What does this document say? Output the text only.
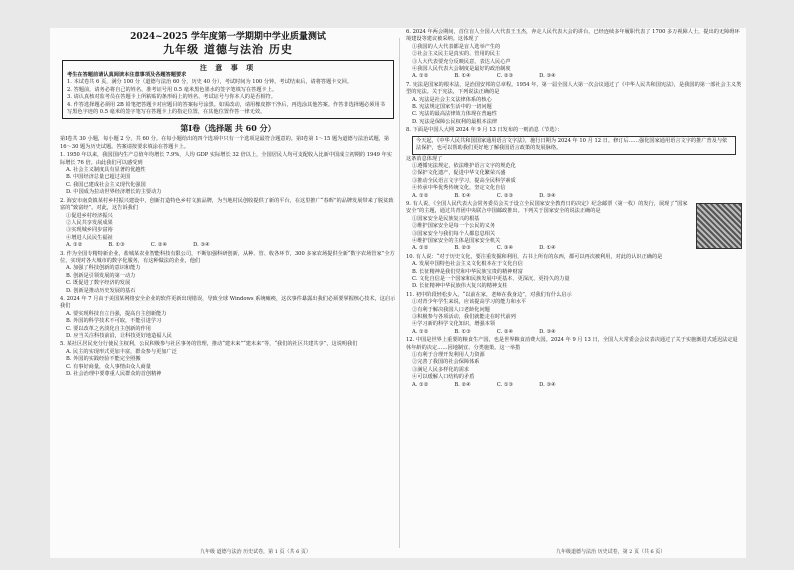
2024~2025 学年度第一学期期中学业质量测试
九年级 道德与法治 历史
注 意 事 项

考生在答题前请认真阅读本注意事项及各题答题要求

1. 本试卷共 6 页，满分 100 分（道德与法治 60 分，历史 40 分），考试时间为 100 分钟。考试结束后，请将答题卡交回。

2. 答题前，请务必将自己的姓名、准考证号用 0.5 毫米黑色墨水的签字笔填写在答题卡上。

3. 请认真核对监考员在答题卡上所粘贴的条形码上的姓名、考试证号与你本人的是否相符。

4. 作答选择题必须用 2B 铅笔把答题卡对应题目的答案标号涂黑。如需改动，请用橡皮擦干净后，再选涂其他答案。作答非选择题必须用书写黑色字迹的 0.5 毫米的签字笔写在答题卡上的指定位置，在其他位置作答一律无效。

第Ⅰ卷（选择题 共 60 分）

第Ⅰ卷共 30 小题，每小题 2 分，共 60 分。在每小题给出的四个选项中只有一个选项是最符合题意的。第Ⅰ卷第 1～15 题为道德与法治试题，第 16～30 题为历史试题。答案请按要求填涂在答题卡上。

1. 1950 年以来，我国国内生产总值年均增长 7.9%，人均 GDP 实际增长 32 倍以上，全国居民人均可支配收入比新中国成立初期的 1949 年实际增长 76 倍。由此我们可以感受到

A. 社会主义制度具有显著的优越性

B. 中国经济总量已超过美国

C. 我国已建成社会主义现代化强国

D. 中国成为拉动世界经济增长的主要动力

2. 海安市南莫镇某村乡村振兴建设中，创新打造特色乡村文旅品牌，为当地村民创收提供了新的平台，在这里推广“春晖”的品牌发展带来了脱贫致富的“致富经”。对此，这告诉我们

①促进乡村经济振兴

②人民共享发展成果

③实现城乡同步富裕

④增进人民民生福祉

A. ①②	B. ①③	C. ②④	D. ③④

3. 作为全国专精特新企业，盐城某农业智能科技有限公司，不断加强科研创新，从种、管、收各环节，300 多家农场提供全新“数字农场管家”全方位，实现对各大城市的数字化服务，有这种做法的企业，他们

A. 加强了科技创新的意识和能力

B. 创新是引领发展的第一动力

C. 既促进了数字经济的发展

D. 创新是推动历史发展的基石

4. 2024 年 7 月由于美国某网络安全企业的软件更新出现错误，导致全球 Windows 系统瘫痪，这次事件暴露出我们必须要掌握核心技术，这启示我们

A. 要实现科技自立自强，提高自主创新能力

B. 外国的科学技术不可取，不能引进学习

C. 要以改革之名淡化自主创新的作用

D. 应当关注科技前沿，让科技更好地造福人民

5. 某社区居民充分行使民主权利，公民积极参与社区事务的管理，推动“建未来”“建未来”等，“我们的社区共建共享”，这说明我们

A. 民主的实现形式更加丰富，群众参与更加广泛

B. 外国的实践经验不能完全照搬

C. 有事好商量，众人事情由众人商量

D. 社会治理中要尊重人民群众的首创精神

九年级 道德与法治 历史试卷，第 1 页（共 6 页）

6. 2024 年两会期间，首位盲人全国人大代表王玉杰，奔走人民代表大会的讲台，已经连续多年履职代表了 1700 多万视障人士，提出的无障碍环境建设等建议被采纳。这体现了

①我国的人大代表都是盲人选举产生的

②社会主义民主是真实的、管用的民主

③人大代表要充分反映民意，表达人民心声

④我国人民代表大会制度是最好的政治制度

A. ①②	B. ①④	C. ②③	D. ③④

7. 宪法是国家的根本法，是治国安邦的总章程。1954 年，第一届全国人大第一次会议通过了《中华人民共和国宪法》，是我国的第一部社会主义类型的宪法。关于宪法，下列说法正确的是

A. 宪法是社会主义法律体系的核心

B. 宪法规定国家生活中的一切问题

C. 宪法的最高法律效力体现在普遍性

D. 宪法是保障公民权利的最根本法律

8. 下面是中国人大网 2024 年 9 月 13 日发布的一则消息（节选）：

今天起，《中华人民共和国国家通用语言文字法》，施行日期为 2024 年 10 月 12 日。修订后……强化国家通用语言文字的推广普及与依法保护，也可以帮助我们更好地了解我国语言政策的发展脉络。

这条消息体现了

①遵循宪法规定，依法维护语言文字的规范化

②保护文化遗产，促进中华文化繁荣兴盛

③推动全民语言文字学习，提高全民科学素质

④传承中华优秀传统文化，坚定文化自信

A. ①②	B. ①④	C. ②③	D. ③④

9. 有人说，《全国人民代表大会常务委员会关于设立全民国家安全教育日的决定》纪念邮票（第一枚）的发行，展现了“国家安全”的主题，通过共青团中央联合中国邮政推出。下列关于国家安全的说法正确的是

①国家安全是民族复兴的根基

②维护国家安全是每一个公民的义务

③国家安全与我们每个人都息息相关

④维护国家安全的主体是国家安全机关

A. ①②	B. ②③	C. ③④	D. ①④

10. 有人说：“对于历史文化，要注重发掘和利用，古书上所有的东西，都可以再次被利用，对此的认识正确的是

A. 发展中国特色社会主义文化根本在于文化自信

B. 长征精神是我们党和中华民族宝贵的精神财富

C. 文化自信是一个国家和民族发展中更基本、更深沉、更持久的力量

D. 长征精神中华民族伟大复兴的精神支柱

11. 初中阶段轻松步入，“以前在家，老师在我身边”，对我们有什么启示

①对青少年学生来说，应该提高学习的能力和水平

②有利于解决我国人口老龄化问题

③积极参与各项活动，我们就能走在时代前列

④学习新的科学文化知识，增强本领

A. ①②	B. ①③	C. ②④	D. ③④

12. 中国是世界上重要的粮食生产国，也是世界粮食消费大国。2024 年 9 月 13 日，全国人大常委会会议表决通过了关于实施渐进式延迟法定退休年龄的决定……因地制宜、分类施策。这一举措

①有利于合理开发利用人力资源

②完善了我国的社会保障体系

③满足人民多样化的需求

④可以缓解人口结构的矛盾

A. ①②	B. ②④	C. ①③	D. ③④
九年级道德与法治 历史试卷，第 2 页（共 6 页）
